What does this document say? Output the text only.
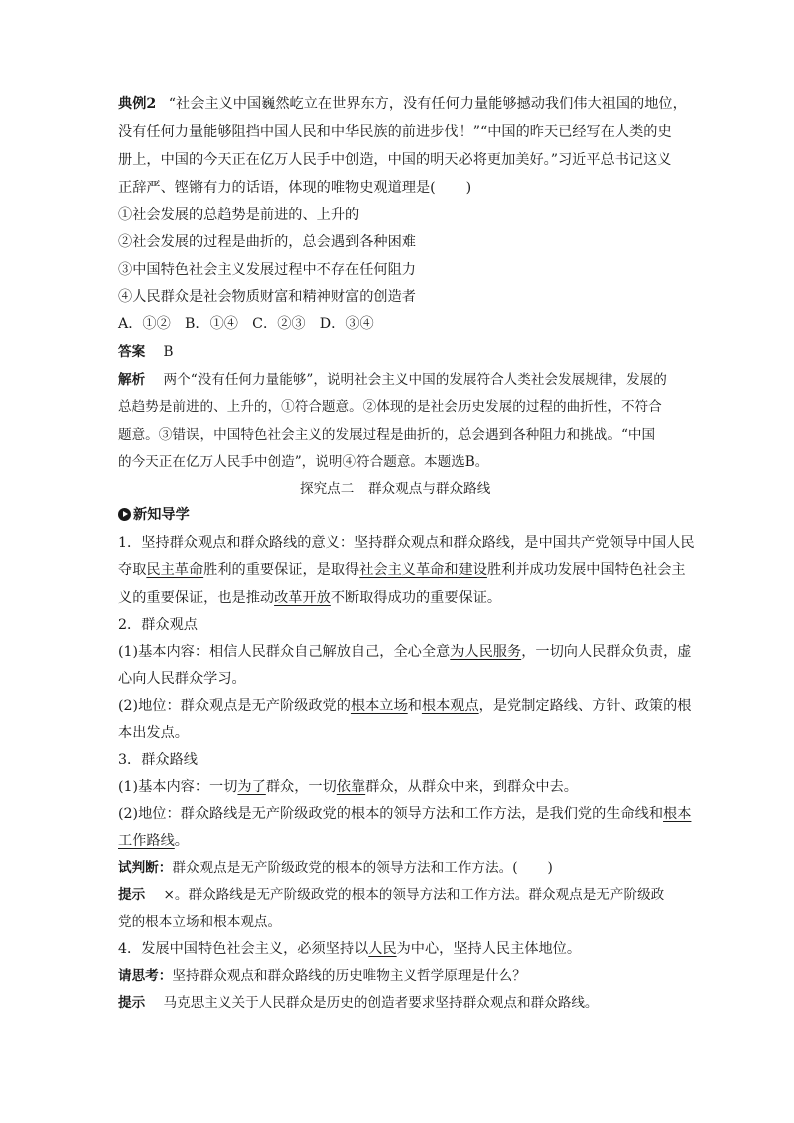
典例2 “社会主义中国巍然屹立在世界东方，没有任何力量能够撼动我们伟大祖国的地位，
没有任何力量能够阻挡中国人民和中华民族的前进步伐！”“中国的昨天已经写在人类的史
册上，中国的今天正在亿万人民手中创造，中国的明天必将更加美好。”习近平总书记这义
正辞严、铿锵有力的话语，体现的唯物史观道理是( )
①社会发展的总趋势是前进的、上升的
②社会发展的过程是曲折的，总会遇到各种困难
③中国特色社会主义发展过程中不存在任何阻力
④人民群众是社会物质财富和精神财富的创造者
A．①②　B．①④　C．②③　D．③④
答案 B
解析 两个“没有任何力量能够”，说明社会主义中国的发展符合人类社会发展规律，发展的
总趋势是前进的、上升的，①符合题意。②体现的是社会历史发展的过程的曲折性，不符合
题意。③错误，中国特色社会主义的发展过程是曲折的，总会遇到各种阻力和挑战。“中国
的今天正在亿万人民手中创造”，说明④符合题意。本题选B。
探究点二　群众观点与群众路线
新知导学
1．坚持群众观点和群众路线的意义：坚持群众观点和群众路线，是中国共产党领导中国人民
夺取民主革命胜利的重要保证，是取得社会主义革命和建设胜利并成功发展中国特色社会主
义的重要保证，也是推动改革开放不断取得成功的重要保证。
2．群众观点
(1)基本内容：相信人民群众自己解放自己，全心全意为人民服务，一切向人民群众负责，虚
心向人民群众学习。
(2)地位：群众观点是无产阶级政党的根本立场和根本观点，是党制定路线、方针、政策的根
本出发点。
3．群众路线
(1)基本内容：一切为了群众，一切依靠群众，从群众中来，到群众中去。
(2)地位：群众路线是无产阶级政党的根本的领导方法和工作方法，是我们党的生命线和根本
工作路线。
试判断：群众观点是无产阶级政党的根本的领导方法和工作方法。( )
提示 ×。群众路线是无产阶级政党的根本的领导方法和工作方法。群众观点是无产阶级政
党的根本立场和根本观点。
4．发展中国特色社会主义，必须坚持以人民为中心，坚持人民主体地位。
请思考：坚持群众观点和群众路线的历史唯物主义哲学原理是什么？
提示 马克思主义关于人民群众是历史的创造者要求坚持群众观点和群众路线。
